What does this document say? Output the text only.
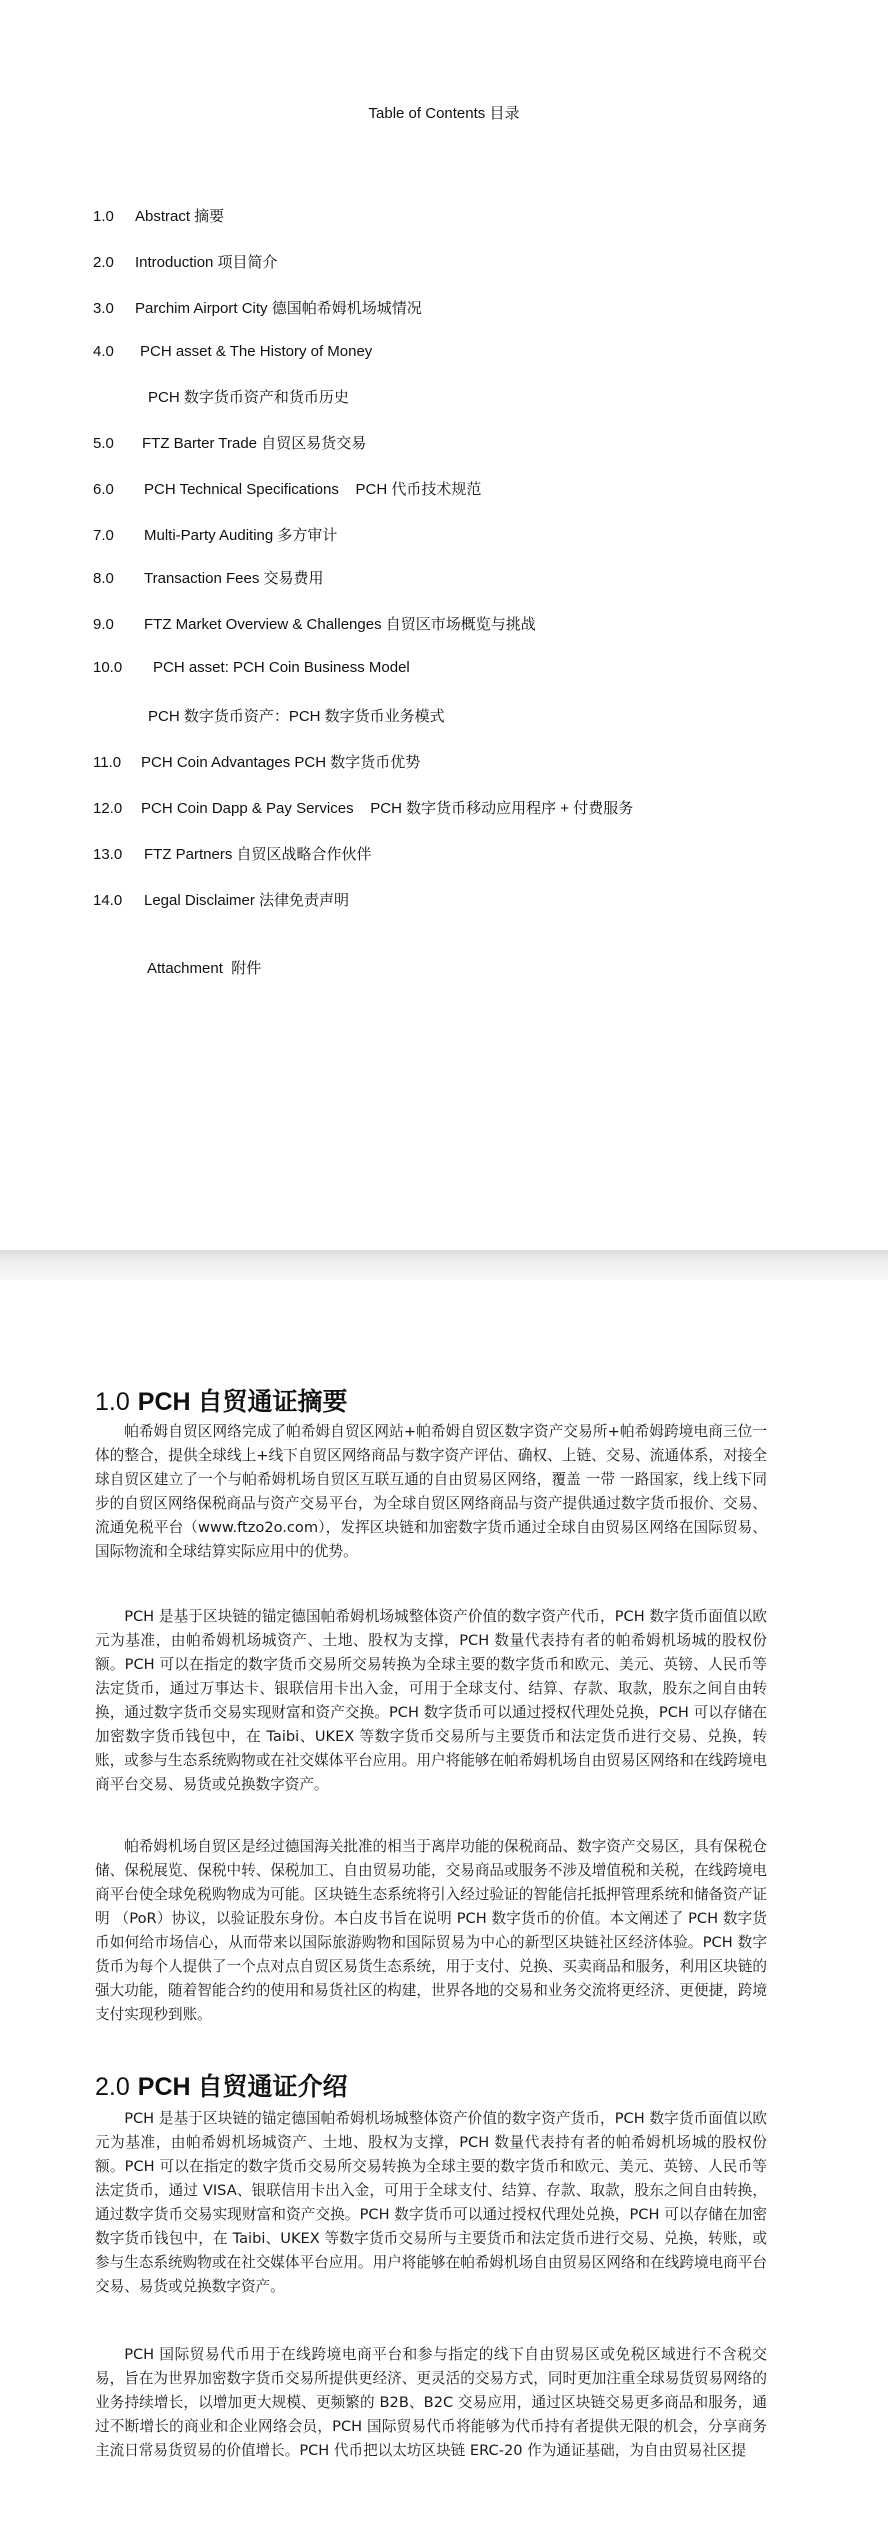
Table of Contents 目录
1.0 Abstract 摘要
2.0 Introduction 项目简介
3.0 Parchim Airport City 德国帕希姆机场城情况
4.0 PCH asset & The History of Money
PCH 数字货币资产和货币历史
5.0 FTZ Barter Trade 自贸区易货交易
6.0 PCH Technical Specifications    PCH 代币技术规范
7.0 Multi-Party Auditing 多方审计
8.0 Transaction Fees 交易费用
9.0 FTZ Market Overview & Challenges 自贸区市场概览与挑战
10.0 PCH asset: PCH Coin Business Model
PCH 数字货币资产：PCH 数字货币业务模式
11.0 PCH Coin Advantages PCH 数字货币优势
12.0 PCH Coin Dapp & Pay Services    PCH 数字货币移动应用程序 + 付费服务
13.0 FTZ Partners 自贸区战略合作伙伴
14.0 Legal Disclaimer 法律免责声明
Attachment  附件
1.0 PCH 自贸通证摘要

帕希姆自贸区网络完成了帕希姆自贸区网站+帕希姆自贸区数字资产交易所+帕希姆跨境电商三位一体的整合，提供全球线上+线下自贸区网络商品与数字资产评估、确权、上链、交易、流通体系，对接全球自贸区建立了一个与帕希姆机场自贸区互联互通的自由贸易区网络，覆盖 一带 一路国家，线上线下同步的自贸区网络保税商品与资产交易平台，为全球自贸区网络商品与资产提供通过数字货币报价、交易、流通免税平台（www.ftzo2o.com），发挥区块链和加密数字货币通过全球自由贸易区网络在国际贸易、国际物流和全球结算实际应用中的优势。

PCH 是基于区块链的锚定德国帕希姆机场城整体资产价值的数字资产代币，PCH 数字货币面值以欧元为基准，由帕希姆机场城资产、土地、股权为支撑，PCH 数量代表持有者的帕希姆机场城的股权份额。PCH 可以在指定的数字货币交易所交易转换为全球主要的数字货币和欧元、美元、英镑、人民币等法定货币，通过万事达卡、银联信用卡出入金，可用于全球支付、结算、存款、取款，股东之间自由转换，通过数字货币交易实现财富和资产交换。PCH 数字货币可以通过授权代理处兑换，PCH 可以存储在加密数字货币钱包中，在 Taibi、UKEX 等数字货币交易所与主要货币和法定货币进行交易、兑换，转账，或参与生态系统购物或在社交媒体平台应用。用户将能够在帕希姆机场自由贸易区网络和在线跨境电商平台交易、易货或兑换数字资产。

帕希姆机场自贸区是经过德国海关批准的相当于离岸功能的保税商品、数字资产交易区，具有保税仓储、保税展览、保税中转、保税加工、自由贸易功能，交易商品或服务不涉及增值税和关税，在线跨境电商平台使全球免税购物成为可能。区块链生态系统将引入经过验证的智能信托抵押管理系统和储备资产证明 （PoR）协议，以验证股东身份。本白皮书旨在说明 PCH 数字货币的价值。本文阐述了 PCH 数字货币如何给市场信心，从而带来以国际旅游购物和国际贸易为中心的新型区块链社区经济体验。PCH 数字货币为每个人提供了一个点对点自贸区易货生态系统，用于支付、兑换、买卖商品和服务，利用区块链的强大功能，随着智能合约的使用和易货社区的构建，世界各地的交易和业务交流将更经济、更便捷，跨境支付实现秒到账。

2.0 PCH 自贸通证介绍

PCH 是基于区块链的锚定德国帕希姆机场城整体资产价值的数字资产货币，PCH 数字货币面值以欧元为基准，由帕希姆机场城资产、土地、股权为支撑，PCH 数量代表持有者的帕希姆机场城的股权份额。PCH 可以在指定的数字货币交易所交易转换为全球主要的数字货币和欧元、美元、英镑、人民币等法定货币，通过 VISA、银联信用卡出入金，可用于全球支付、结算、存款、取款，股东之间自由转换，通过数字货币交易实现财富和资产交换。PCH 数字货币可以通过授权代理处兑换，PCH 可以存储在加密数字货币钱包中，在 Taibi、UKEX 等数字货币交易所与主要货币和法定货币进行交易、兑换，转账，或参与生态系统购物或在社交媒体平台应用。用户将能够在帕希姆机场自由贸易区网络和在线跨境电商平台交易、易货或兑换数字资产。

PCH 国际贸易代币用于在线跨境电商平台和参与指定的线下自由贸易区或免税区域进行不含税交易，旨在为世界加密数字货币交易所提供更经济、更灵活的交易方式，同时更加注重全球易货贸易网络的业务持续增长，以增加更大规模、更频繁的 B2B、B2C 交易应用，通过区块链交易更多商品和服务，通过不断增长的商业和企业网络会员，PCH 国际贸易代币将能够为代币持有者提供无限的机会，分享商务主流日常易货贸易的价值增长。PCH 代币把以太坊区块链 ERC-20 作为通证基础，为自由贸易社区提
